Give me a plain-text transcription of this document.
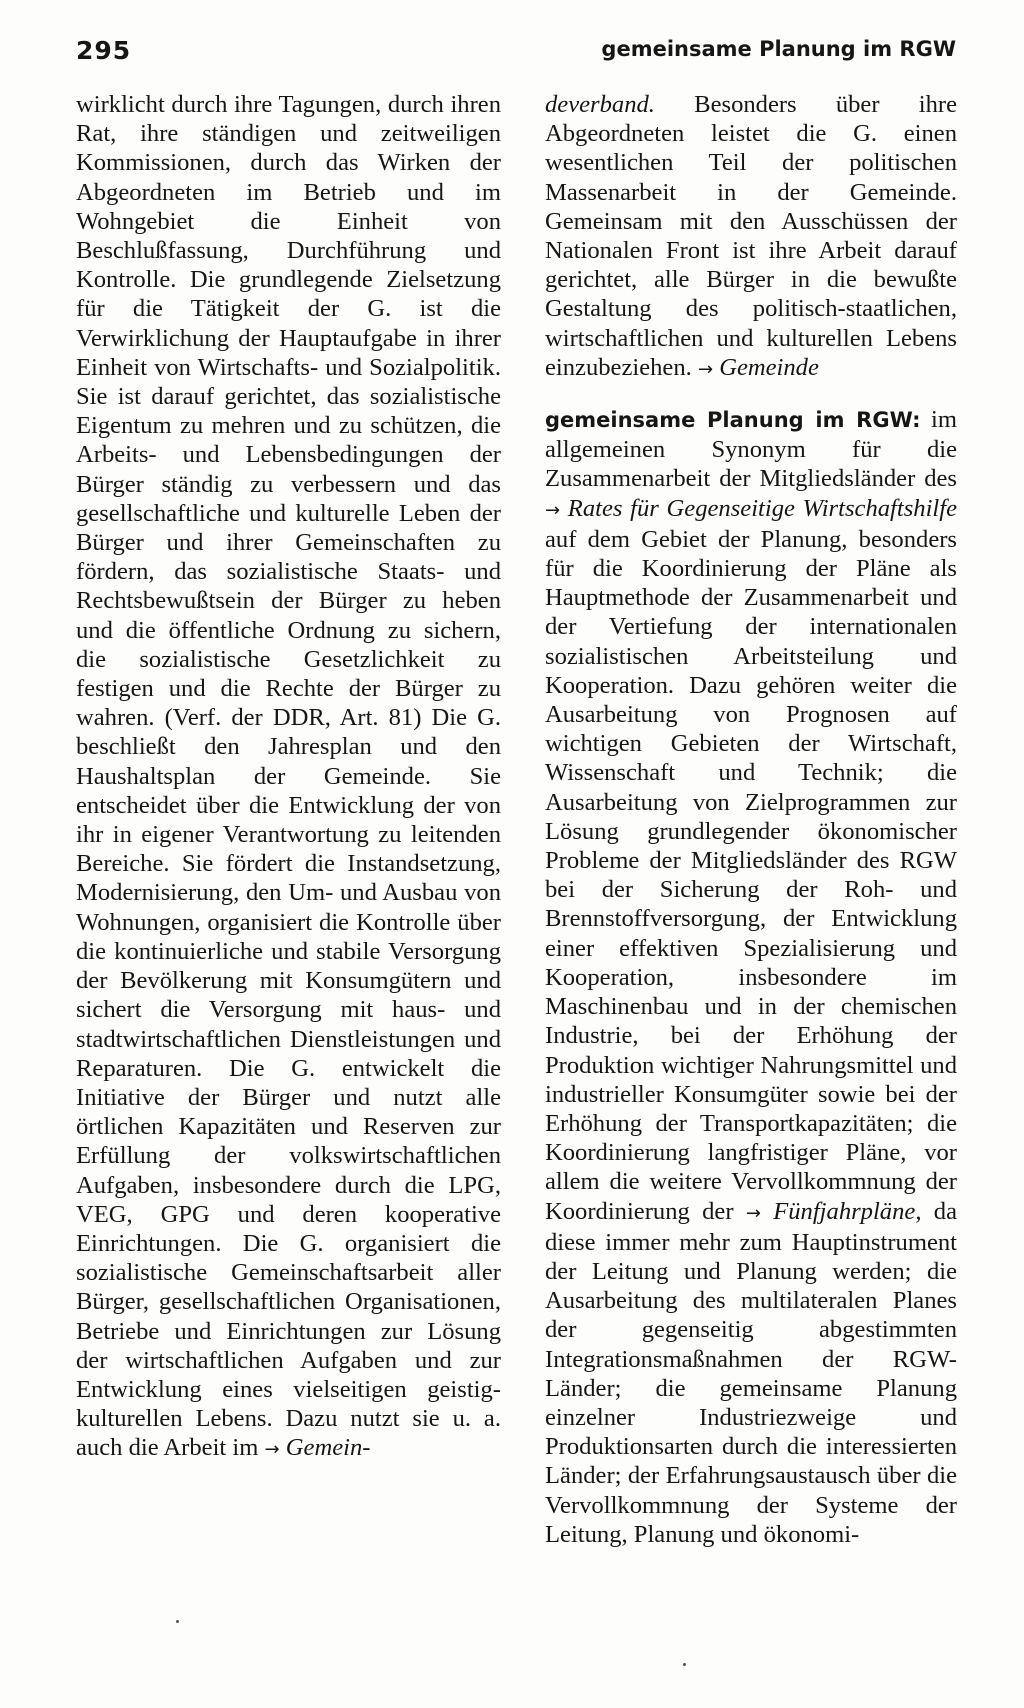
295	gemeinsame Planung im RGW

wirklicht durch ihre Tagungen, durch ihren Rat, ihre ständigen und zeitweiligen Kommissionen, durch das Wirken der Abgeordneten im Betrieb und im Wohngebiet die Einheit von Beschlußfassung, Durchführung und Kontrolle. Die grundlegende Zielsetzung für die Tätigkeit der G. ist die Verwirklichung der Hauptaufgabe in ihrer Einheit von Wirtschafts- und Sozialpolitik. Sie ist darauf gerichtet, das sozialistische Eigentum zu mehren und zu schützen, die Arbeits- und Lebensbedingungen der Bürger ständig zu verbessern und das gesellschaftliche und kulturelle Leben der Bürger und ihrer Gemeinschaften zu fördern, das sozialistische Staats- und Rechtsbewußtsein der Bürger zu heben und die öffentliche Ordnung zu sichern, die sozialistische Gesetzlichkeit zu festigen und die Rechte der Bürger zu wahren. (Verf. der DDR, Art. 81) Die G. beschließt den Jahresplan und den Haushaltsplan der Gemeinde. Sie entscheidet über die Entwicklung der von ihr in eigener Verantwortung zu leitenden Bereiche. Sie fördert die Instandsetzung, Modernisierung, den Um- und Ausbau von Wohnungen, organisiert die Kontrolle über die kontinuierliche und stabile Versorgung der Bevölkerung mit Konsumgütern und sichert die Versorgung mit haus- und stadtwirtschaftlichen Dienstleistungen und Reparaturen. Die G. entwickelt die Initiative der Bürger und nutzt alle örtlichen Kapazitäten und Reserven zur Erfüllung der volkswirtschaftlichen Aufgaben, insbesondere durch die LPG, VEG, GPG und deren kooperative Einrichtungen. Die G. organisiert die sozialistische Gemeinschaftsarbeit aller Bürger, gesellschaftlichen Organisationen, Betriebe und Einrichtungen zur Lösung der wirtschaftlichen Aufgaben und zur Entwicklung eines vielseitigen geistig-kulturellen Lebens. Dazu nutzt sie u. a. auch die Arbeit im → Gemein-

deverband. Besonders über ihre Abgeordneten leistet die G. einen wesentlichen Teil der politischen Massenarbeit in der Gemeinde. Gemeinsam mit den Ausschüssen der Nationalen Front ist ihre Arbeit darauf gerichtet, alle Bürger in die bewußte Gestaltung des politisch-staatlichen, wirtschaftlichen und kulturellen Lebens einzubeziehen. → Gemeinde

gemeinsame Planung im RGW: im allgemeinen Synonym für die Zusammenarbeit der Mitgliedsländer des → Rates für Gegenseitige Wirtschaftshilfe auf dem Gebiet der Planung, besonders für die Koordinierung der Pläne als Hauptmethode der Zusammenarbeit und der Vertiefung der internationalen sozialistischen Arbeitsteilung und Kooperation. Dazu gehören weiter die Ausarbeitung von Prognosen auf wichtigen Gebieten der Wirtschaft, Wissenschaft und Technik; die Ausarbeitung von Zielprogrammen zur Lösung grundlegender ökonomischer Probleme der Mitgliedsländer des RGW bei der Sicherung der Roh- und Brennstoffversorgung, der Entwicklung einer effektiven Spezialisierung und Kooperation, insbesondere im Maschinenbau und in der chemischen Industrie, bei der Erhöhung der Produktion wichtiger Nahrungsmittel und industrieller Konsumgüter sowie bei der Erhöhung der Transportkapazitäten; die Koordinierung langfristiger Pläne, vor allem die weitere Vervollkommnung der Koordinierung der → Fünfjahrpläne, da diese immer mehr zum Hauptinstrument der Leitung und Planung werden; die Ausarbeitung des multilateralen Planes der gegenseitig abgestimmten Integrationsmaßnahmen der RGW-Länder; die gemeinsame Planung einzelner Industriezweige und Produktionsarten durch die interessierten Länder; der Erfahrungsaustausch über die Vervollkommnung der Systeme der Leitung, Planung und ökonomi-
